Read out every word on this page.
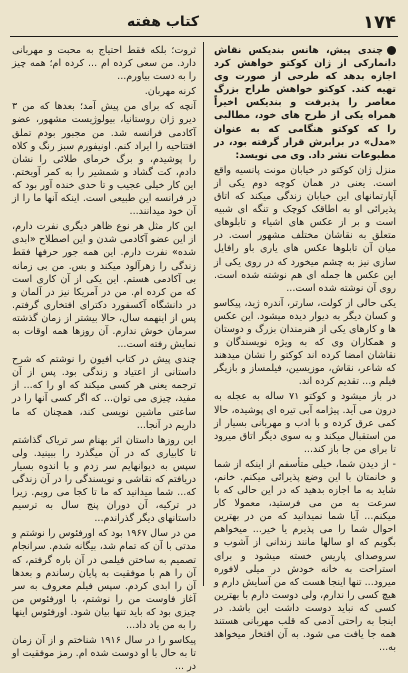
۱۷۴
کتاب هفته

چندی پیش، هانس بندیکس نقاش دانمارکی از ژان کوکتو خواهش کرد اجازه بدهد که طرحی از صورت وی تهیه کند. کوکتو خواهش طراح بزرگ معاصر را پذیرفت و بندیکس اخیراً همراه یکی از طرح های خود، مطالبی را که کوکتو هنگامی که به عنوان «مدل» در برابرش قرار گرفته بود، در مطبوعات نشر داد. وی می نویسد:

منزل ژان کوکتو در خیابان مونت پانسیه واقع است. یعنی در همان کوچه دوم یکی از آپارتمانهای این خیابان زندگی میکند که اتاق پذیرائی او به اطاقک کوچک و تنگه ای شبیه است و بر از عکس های اشیاء و تابلوهای متعلق به نقاشان مختلف مشهور است. در میان آن تابلوها عکس های یاری باو رافایل سازی نیز به چشم میخورد که در روی یکی از این عکس ها جمله ای هم نوشته شده است. روی آن نوشته شده است...

یکی حالی از کولت، سارتر، آندره ژید، پیکاسو و کسان دیگر به دیوار دیده میشود. این عکس ها و کارهای یکی از هنرمندان بزرگ و دوستان و همکاران وی که به ویژه نویسندگان و نقاشان امضا کرده اند کوکتو را نشان میدهند که شاعر، نقاش، موزیسین، فیلمساز و بازیگر فیلم و... تقدیم کرده اند.

در باز میشود و کوکتو ۷۱ ساله به عجله به درون می آید. پیژامه آبی تیره ای پوشیده، حالا کمی عرق کرده و با ادب و مهربانی بسیار از من استقبال میکند و به سوی دیگر اتاق میرود تا برای من جا باز کند...

- از دیدن شما، خیلی متأسفم از اینکه از شما و خانمتان با این وضع پذیرائی میکنم. خانم، شاید به ما اجازه بدهید که در این حالی که با سرعت به من می فرستید، معمولا کار میکنم... آیا شما نمیدانید که من در بهترین احوال شما را می پذیرم یا خیر... میخواهم بگویم که او سالها مانند زندانی از آشوب و سروصدای پاریس خسته میشود و برای استراحت به خانه خودش در میلی لافوره میرود... تنها اینجا هست که من آسایش دارم و هیچ کسی را ندارم، ولی دوست دارم با بهترین کسی که نباید دوست داشت این باشد. در اینجا به راحتی آدمی که قلب مهربانی هستند همه جا یافت می شود. به آن افتخار میخواهد به...

ثروت؛ بلکه فقط احتیاج به محبت و مهربانی دارد. من سعی کرده ام ... کرده ام؛ همه چیز را به دست بیاورم...

کرنه مهربان.

آنچه که برای من پیش آمد؛ بعدها که من ۳ دیرو ژان روستانیا، بیولوژیست مشهور، عضو آکادمی فرانسه شد. من مجبور بودم تملق افتتاحیه را ایراد کنم. اونیفورم سبز رنگ و کلاه را پوشیدم، و برگ خرمای طلائی را نشان دادم، کت گشاد و شمشیر را به کمر آویختم. این کار خیلی عجیب و تا حدی خنده آور بود که در فرانسه این طبیعی است. اینکه آنها ما را از آن خود میدانند...

این کار مثل هر نوع ظاهر دیگری نفرت دارم، از این عضو آکادمی شدن و این اصطلاح «ابدی شده» نفرت دارم. این همه جور حرفها فقط زندگی را زهرآلود میکند و بس. من بی زمانه بی آکادمی هستم. این یکی از آن کاری است که من کرده ام. من در آمریکا نیز در آلمان و در دانشگاه آکسفورد دکترای افتخاری گرفتم. پس از اینهمه سال، حالا بیشتر از زمان گذشته سرمان خوش ندارم. آن روزها همه اوقات به نمایش رفته است...

چندی پیش در کتاب افیون را نوشتم که شرح داستانی از اعتیاد و زندگی بود. پس از آن ترجمه یعنی هر کسی میکند که او را که... از مفید، چیزی می توان... که اگر کسی آنها را در ساعتی ماشین نویسی کند، همچنان که ما داریم در آنجا...

این روزها داستان اثر بهنام سر تریاک گذاشتم تا کابیاری که در آن میگذرد را ببینید. ولی سپس به دیوانهایم سر زدم و با اندوه بسیار دریافتم که نقاشی و نویسندگی را در آن زندگی که... شما میدانید که ما تا کجا می رویم. زیرا در ترکیه، آن دوران پنج سال به ترسیم داستانهای دیگر گذراندم...

من در سال ۱۹۶۷ بود که اورفئوس را نوشتم و مدتی با آن که تمام شد، بیگانه شدم. سرانجام تصمیم به ساختن فیلمی در آن باره گرفتم، که آن را هم با موفقیت به پایان رساندم و بعدها آن را ابدی کردم. سپس فیلم معروف به سر آغاز فاوست من را نوشتم، با اورفئوس من چیزی بود که باید تنها بیان شود. اورفئوس اینها را به من یاد داد...

پیکاسو را در سال ۱۹۱۶ شناختم و از آن زمان تا به حال با او دوست شده ام. رمز موفقیت او در ...
